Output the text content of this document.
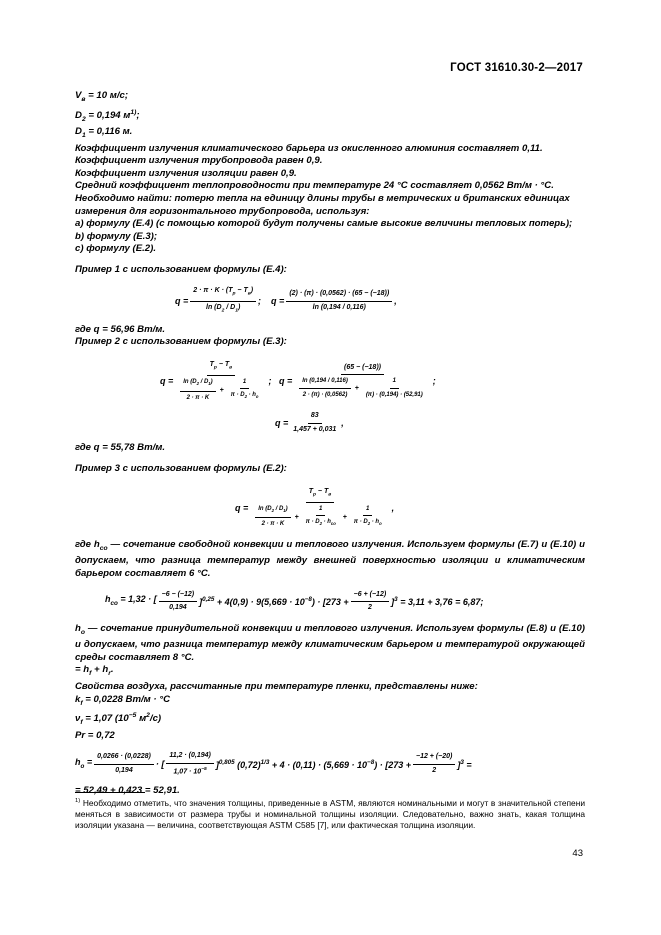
ГОСТ 31610.30-2—2017

$V_в = 10$ м/с;

$D_2 = 0,194$ $м^{1)}$;

$D_1 = 0,116$ м.

Коэффициент излучения климатического барьера из окисленного алюминия составляет 0,11.

Коэффициент излучения трубопровода равен 0,9.

Коэффициент излучения изоляции равен 0,9.

Средний коэффициент теплопроводности при температуре 24 °C составляет 0,0562 Вт/м · °C.

Необходимо найти: потерю тепла на единицу длины трубы в метрических и британских единицах измерения для горизонтального трубопровода, используя:

а) формулу (Е.4) (с помощью которой будут получены самые высокие величины тепловых потерь);

b) формулу (Е.3);

с) формулу (Е.2).

Пример 1 с использованием формулы (Е.4):

$q = \frac{2 \cdot \pi \cdot K \cdot (T_p - T_в)}{\ln (D_2 / D_1)}$ ;    $q = \frac{(2) \cdot (\pi) \cdot (0,0562) \cdot (65 - (-18))}{\ln (0,194 / 0,116)}$ ,

где q = 56,96 Вт/м.

Пример 2 с использованием формулы (Е.3):

$q = \frac{T_p - T_в}{\frac{\ln (D_2 / D_1)}{2 \cdot \pi \cdot K} + \frac{1}{\pi \cdot D_2 \cdot h_o}}$ ;   q =
(65 − (−18))
$\frac{\ln (0,194 / 0,116)}{2 \cdot (\pi) \cdot (0,0562)} + \frac{1}{(\pi) \cdot (0,194) \cdot (52,91)}$ ;
$q = \frac{83}{1,457 + 0,031}$ ,

где q = 55,78 Вт/м.

Пример 3 с использованием формулы (Е.2):

$q = \frac{T_p - T_в}{\frac{\ln (D_2 / D_1)}{2 \cdot \pi \cdot K} + \frac{1}{\pi \cdot D_2 \cdot h_{co}} + \frac{1}{\pi \cdot D_2 \cdot h_o}}$ ,

где $h_{co}$ — сочетание свободной конвекции и теплового излучения. Используем формулы (Е.7) и (Е.10) и допускаем, что разница температур между внешней поверхностью изоляции и климатическим барьером составляет 6 °C.

$h_{co} = 1,32$ · [ $\frac{-6 - (-12)}{0,194} ]^{0,25} + 4(0,9) \cdot 9(5,669 \cdot 10^{-8}) \cdot [273 + \frac{-6 + (-12)}{2} ]^3 = 3,11 + 3,76 = 6,87$;

$h_o$ — сочетание принудительной конвекции и теплового излучения. Используем формулы (Е.8) и (Е.10) и допускаем, что разница температур между климатическим барьером и температурой окружающей среды составляет 8 °C.

= $h_f + h_r$.

Свойства воздуха, рассчитанные при температуре пленки, представлены ниже:

$k_f = 0,0228$ Вт/м · °C

$\nu_f = 1,07$ ($10^{-5}$ $м^2/с$)

Pr = 0,72

$h_o = \frac{0,0266 \cdot (0,0228)}{0,194}$ · [ $\frac{11,2 \cdot (0,194)}{1,07 \cdot 10^{-5}} ]^{0,805}$ $(0,72)^{1/3} + 4 \cdot (0,11) \cdot (5,669 \cdot 10^{-8}) \cdot [273 + \frac{-12 + (-20)}{2} ]^3$ =

= 52,49 + 0,423 = 52,91.

$^{1)}$ Необходимо отметить, что значения толщины, приведенные в ASTM, являются номинальными и могут в значительной степени меняться в зависимости от размера трубы и номинальной толщины изоляции. Следовательно, важно знать, какая толщина изоляции указана — величина, соответствующая ASTM C585 [7], или фактическая толщина изоляции.
43
